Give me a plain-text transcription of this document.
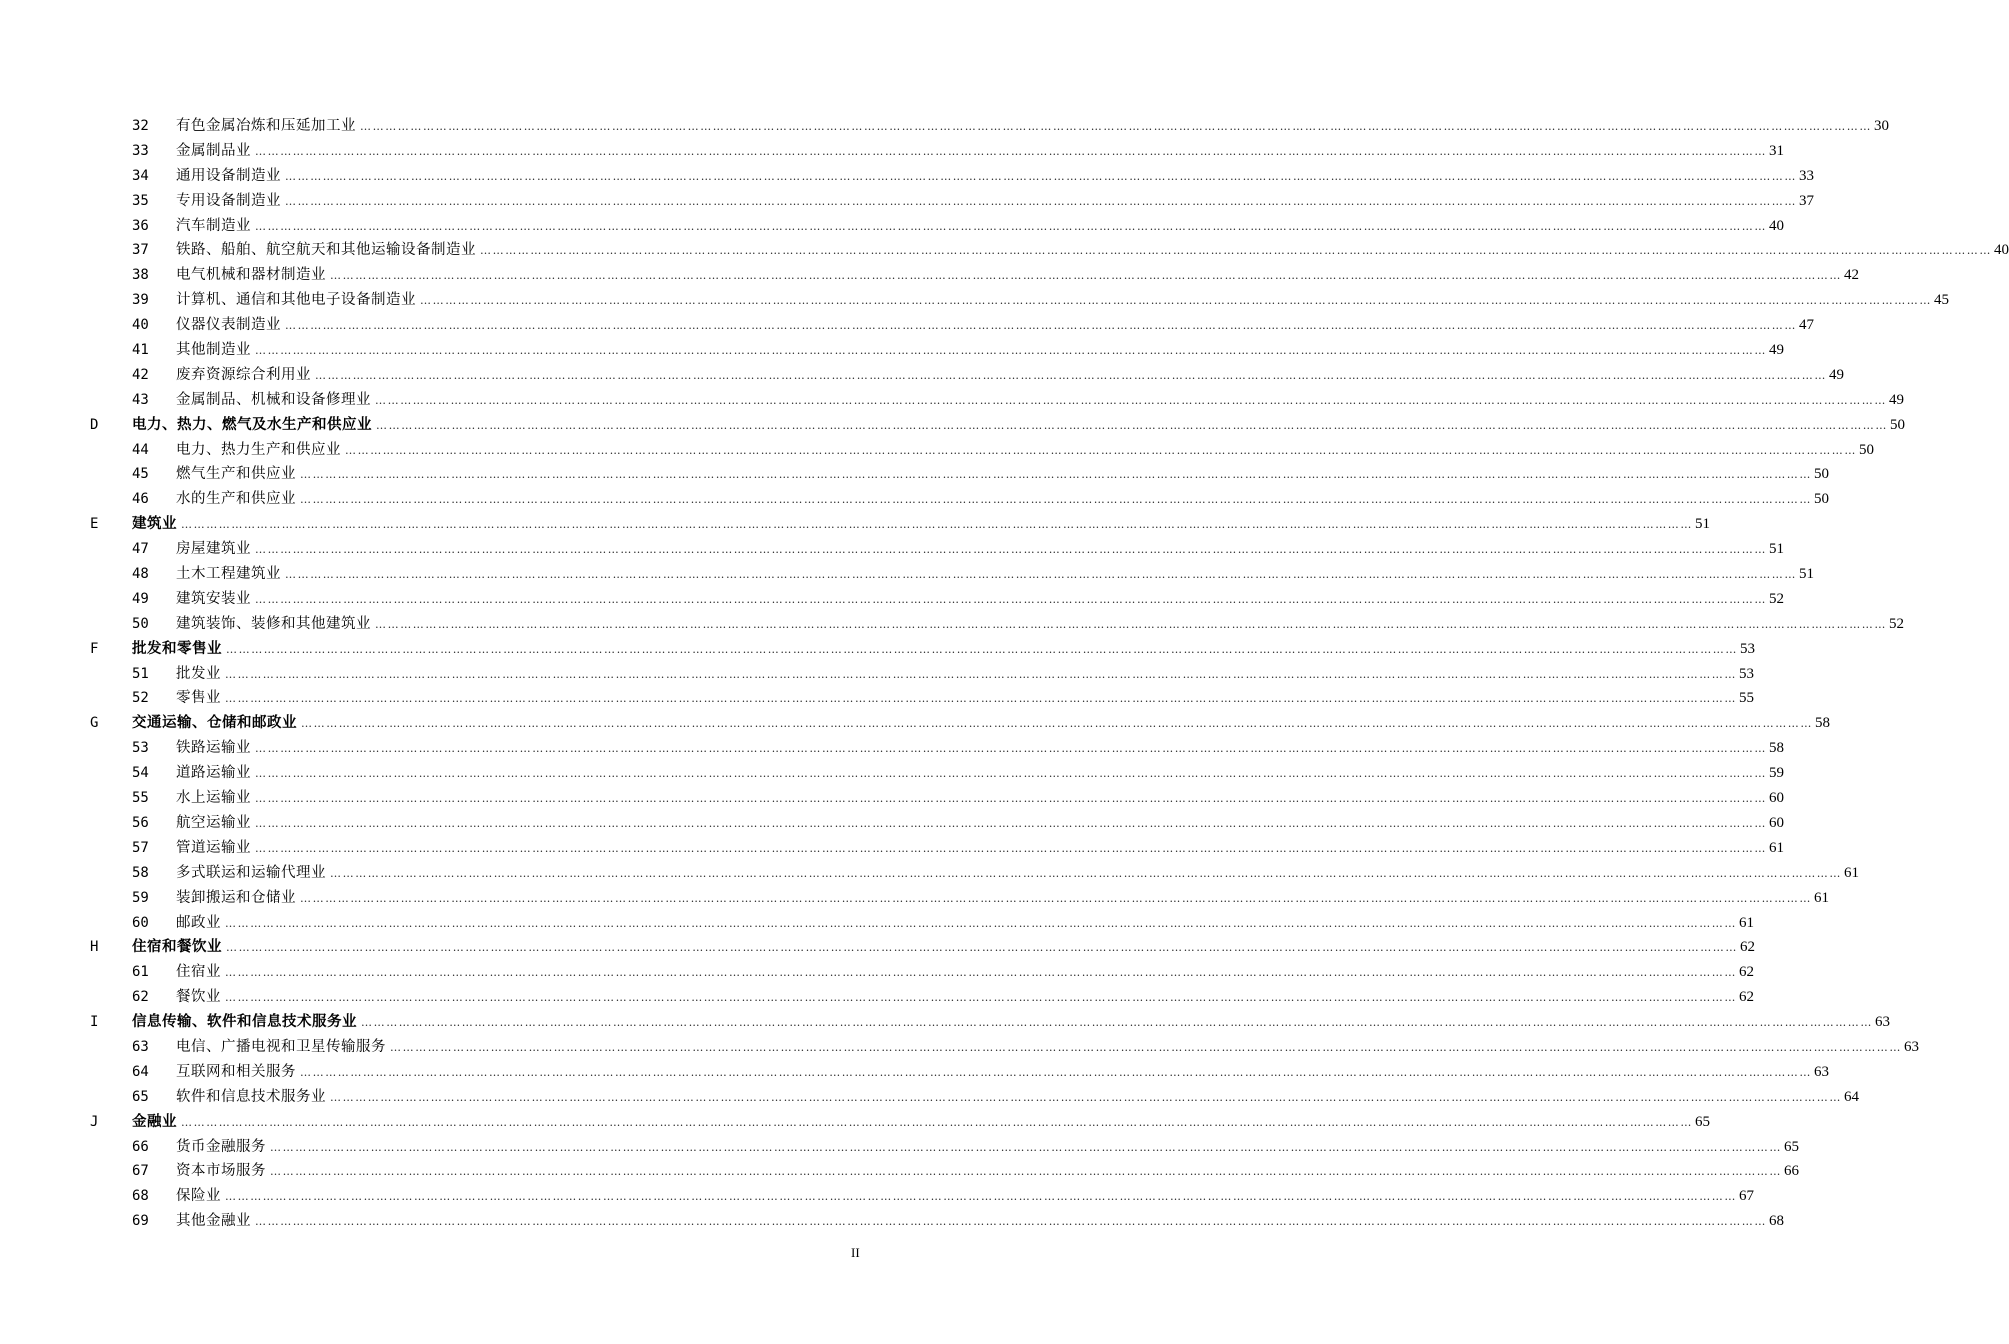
32 有色金属冶炼和压延加工业 ……………………………………………………………………………………………………………………………………………………………………………………………………………………………………………………………………………………………………………………………… 30
33 金属制品业 ……………………………………………………………………………………………………………………………………………………………………………………………………………………………………………………………………………………………………………………………… 31
34 通用设备制造业 ……………………………………………………………………………………………………………………………………………………………………………………………………………………………………………………………………………………………………………………………… 33
35 专用设备制造业 ……………………………………………………………………………………………………………………………………………………………………………………………………………………………………………………………………………………………………………………………… 37
36 汽车制造业 ……………………………………………………………………………………………………………………………………………………………………………………………………………………………………………………………………………………………………………………………… 40
37 铁路、船舶、航空航天和其他运输设备制造业 ……………………………………………………………………………………………………………………………………………………………………………………………………………………………………………………………………………………………………………………………… 40
38 电气机械和器材制造业 ……………………………………………………………………………………………………………………………………………………………………………………………………………………………………………………………………………………………………………………………… 42
39 计算机、通信和其他电子设备制造业 ……………………………………………………………………………………………………………………………………………………………………………………………………………………………………………………………………………………………………………………………… 45
40 仪器仪表制造业 ……………………………………………………………………………………………………………………………………………………………………………………………………………………………………………………………………………………………………………………………… 47
41 其他制造业 ……………………………………………………………………………………………………………………………………………………………………………………………………………………………………………………………………………………………………………………………… 49
42 废弃资源综合利用业 ……………………………………………………………………………………………………………………………………………………………………………………………………………………………………………………………………………………………………………………………… 49
43 金属制品、机械和设备修理业 ……………………………………………………………………………………………………………………………………………………………………………………………………………………………………………………………………………………………………………………………… 49
D 电力、热力、燃气及水生产和供应业 ……………………………………………………………………………………………………………………………………………………………………………………………………………………………………………………………………………………………………………………………… 50
44 电力、热力生产和供应业 ……………………………………………………………………………………………………………………………………………………………………………………………………………………………………………………………………………………………………………………………… 50
45 燃气生产和供应业 ……………………………………………………………………………………………………………………………………………………………………………………………………………………………………………………………………………………………………………………………… 50
46 水的生产和供应业 ……………………………………………………………………………………………………………………………………………………………………………………………………………………………………………………………………………………………………………………………… 50
E 建筑业 ……………………………………………………………………………………………………………………………………………………………………………………………………………………………………………………………………………………………………………………………… 51
47 房屋建筑业 ……………………………………………………………………………………………………………………………………………………………………………………………………………………………………………………………………………………………………………………………… 51
48 土木工程建筑业 ……………………………………………………………………………………………………………………………………………………………………………………………………………………………………………………………………………………………………………………………… 51
49 建筑安装业 ……………………………………………………………………………………………………………………………………………………………………………………………………………………………………………………………………………………………………………………………… 52
50 建筑装饰、装修和其他建筑业 ……………………………………………………………………………………………………………………………………………………………………………………………………………………………………………………………………………………………………………………………… 52
F 批发和零售业 ……………………………………………………………………………………………………………………………………………………………………………………………………………………………………………………………………………………………………………………………… 53
51 批发业 ……………………………………………………………………………………………………………………………………………………………………………………………………………………………………………………………………………………………………………………………… 53
52 零售业 ……………………………………………………………………………………………………………………………………………………………………………………………………………………………………………………………………………………………………………………………… 55
G 交通运输、仓储和邮政业 ……………………………………………………………………………………………………………………………………………………………………………………………………………………………………………………………………………………………………………………………… 58
53 铁路运输业 ……………………………………………………………………………………………………………………………………………………………………………………………………………………………………………………………………………………………………………………………… 58
54 道路运输业 ……………………………………………………………………………………………………………………………………………………………………………………………………………………………………………………………………………………………………………………………… 59
55 水上运输业 ……………………………………………………………………………………………………………………………………………………………………………………………………………………………………………………………………………………………………………………………… 60
56 航空运输业 ……………………………………………………………………………………………………………………………………………………………………………………………………………………………………………………………………………………………………………………………… 60
57 管道运输业 ……………………………………………………………………………………………………………………………………………………………………………………………………………………………………………………………………………………………………………………………… 61
58 多式联运和运输代理业 ……………………………………………………………………………………………………………………………………………………………………………………………………………………………………………………………………………………………………………………………… 61
59 装卸搬运和仓储业 ……………………………………………………………………………………………………………………………………………………………………………………………………………………………………………………………………………………………………………………………… 61
60 邮政业 ……………………………………………………………………………………………………………………………………………………………………………………………………………………………………………………………………………………………………………………………… 61
H 住宿和餐饮业 ……………………………………………………………………………………………………………………………………………………………………………………………………………………………………………………………………………………………………………………………… 62
61 住宿业 ……………………………………………………………………………………………………………………………………………………………………………………………………………………………………………………………………………………………………………………………… 62
62 餐饮业 ……………………………………………………………………………………………………………………………………………………………………………………………………………………………………………………………………………………………………………………………… 62
I 信息传输、软件和信息技术服务业 ……………………………………………………………………………………………………………………………………………………………………………………………………………………………………………………………………………………………………………………………… 63
63 电信、广播电视和卫星传输服务 ……………………………………………………………………………………………………………………………………………………………………………………………………………………………………………………………………………………………………………………………… 63
64 互联网和相关服务 ……………………………………………………………………………………………………………………………………………………………………………………………………………………………………………………………………………………………………………………………… 63
65 软件和信息技术服务业 ……………………………………………………………………………………………………………………………………………………………………………………………………………………………………………………………………………………………………………………………… 64
J 金融业 ……………………………………………………………………………………………………………………………………………………………………………………………………………………………………………………………………………………………………………………………… 65
66 货币金融服务 ……………………………………………………………………………………………………………………………………………………………………………………………………………………………………………………………………………………………………………………………… 65
67 资本市场服务 ……………………………………………………………………………………………………………………………………………………………………………………………………………………………………………………………………………………………………………………………… 66
68 保险业 ……………………………………………………………………………………………………………………………………………………………………………………………………………………………………………………………………………………………………………………………… 67
69 其他金融业 ……………………………………………………………………………………………………………………………………………………………………………………………………………………………………………………………………………………………………………………………… 68
II
